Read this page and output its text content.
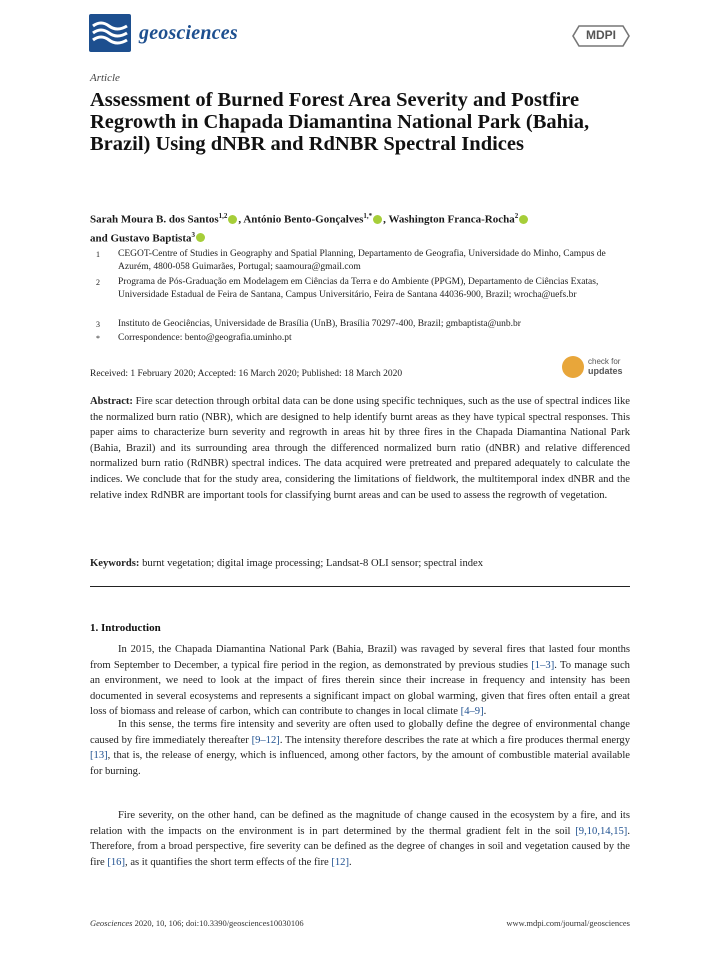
geosciences	MDPI
Article
Assessment of Burned Forest Area Severity and Postfire Regrowth in Chapada Diamantina National Park (Bahia, Brazil) Using dNBR and RdNBR Spectral Indices
Sarah Moura B. dos Santos$^{1,2}$ , António Bento-Gonçalves$^{1,*}$ , Washington Franca-Rocha$^2$
and Gustavo Baptista$^3$
1 CEGOT-Centre of Studies in Geography and Spatial Planning, Departamento de Geografia, Universidade do Minho, Campus de Azurém, 4800-058 Guimarães, Portugal; saamoura@gmail.com
2 Programa de Pós-Graduação em Modelagem em Ciências da Terra e do Ambiente (PPGM), Departamento de Ciências Exatas, Universidade Estadual de Feira de Santana, Campus Universitário, Feira de Santana 44036-900, Brazil; wrocha@uefs.br
3 Instituto de Geociências, Universidade de Brasília (UnB), Brasília 70297-400, Brazil; gmbaptista@unb.br
* Correspondence: bento@geografia.uminho.pt
Received: 1 February 2020; Accepted: 16 March 2020; Published: 18 March 2020
check for
updates
Abstract: Fire scar detection through orbital data can be done using specific techniques, such as the use of spectral indices like the normalized burn ratio (NBR), which are designed to help identify burnt areas as they have typical spectral responses. This paper aims to characterize burn severity and regrowth in areas hit by three fires in the Chapada Diamantina National Park (Bahia, Brazil) and its surrounding area through the differenced normalized burn ratio (dNBR) and relative differenced normalized burn ratio (RdNBR) spectral indices. The data acquired were pretreated and prepared adequately to calculate the indices. We conclude that for the study area, considering the limitations of fieldwork, the multitemporal index dNBR and the relative index RdNBR are important tools for classifying burnt areas and can be used to assess the regrowth of vegetation.
Keywords: burnt vegetation; digital image processing; Landsat-8 OLI sensor; spectral index
1. Introduction
In 2015, the Chapada Diamantina National Park (Bahia, Brazil) was ravaged by several fires that lasted four months from September to December, a typical fire period in the region, as demonstrated by previous studies [1–3]. To manage such an environment, we need to look at the impact of fires therein since their increase in frequency and intensity has been documented in several ecosystems and represents a significant impact on global warming, given that fires often entail a great loss of biomass and release of carbon, which can contribute to changes in local climate [4–9].
In this sense, the terms fire intensity and severity are often used to globally define the degree of environmental change caused by fire immediately thereafter [9–12]. The intensity therefore describes the rate at which a fire produces thermal energy [13], that is, the release of energy, which is influenced, among other factors, by the amount of combustible material available for burning.
Fire severity, on the other hand, can be defined as the magnitude of change caused in the ecosystem by a fire, and its relation with the impacts on the environment is in part determined by the thermal gradient felt in the soil [9,10,14,15]. Therefore, from a broad perspective, fire severity can be defined as the degree of changes in soil and vegetation caused by the fire [16], as it quantifies the short term effects of the fire [12].
Geosciences 2020, 10, 106; doi:10.3390/geosciences10030106	www.mdpi.com/journal/geosciences
